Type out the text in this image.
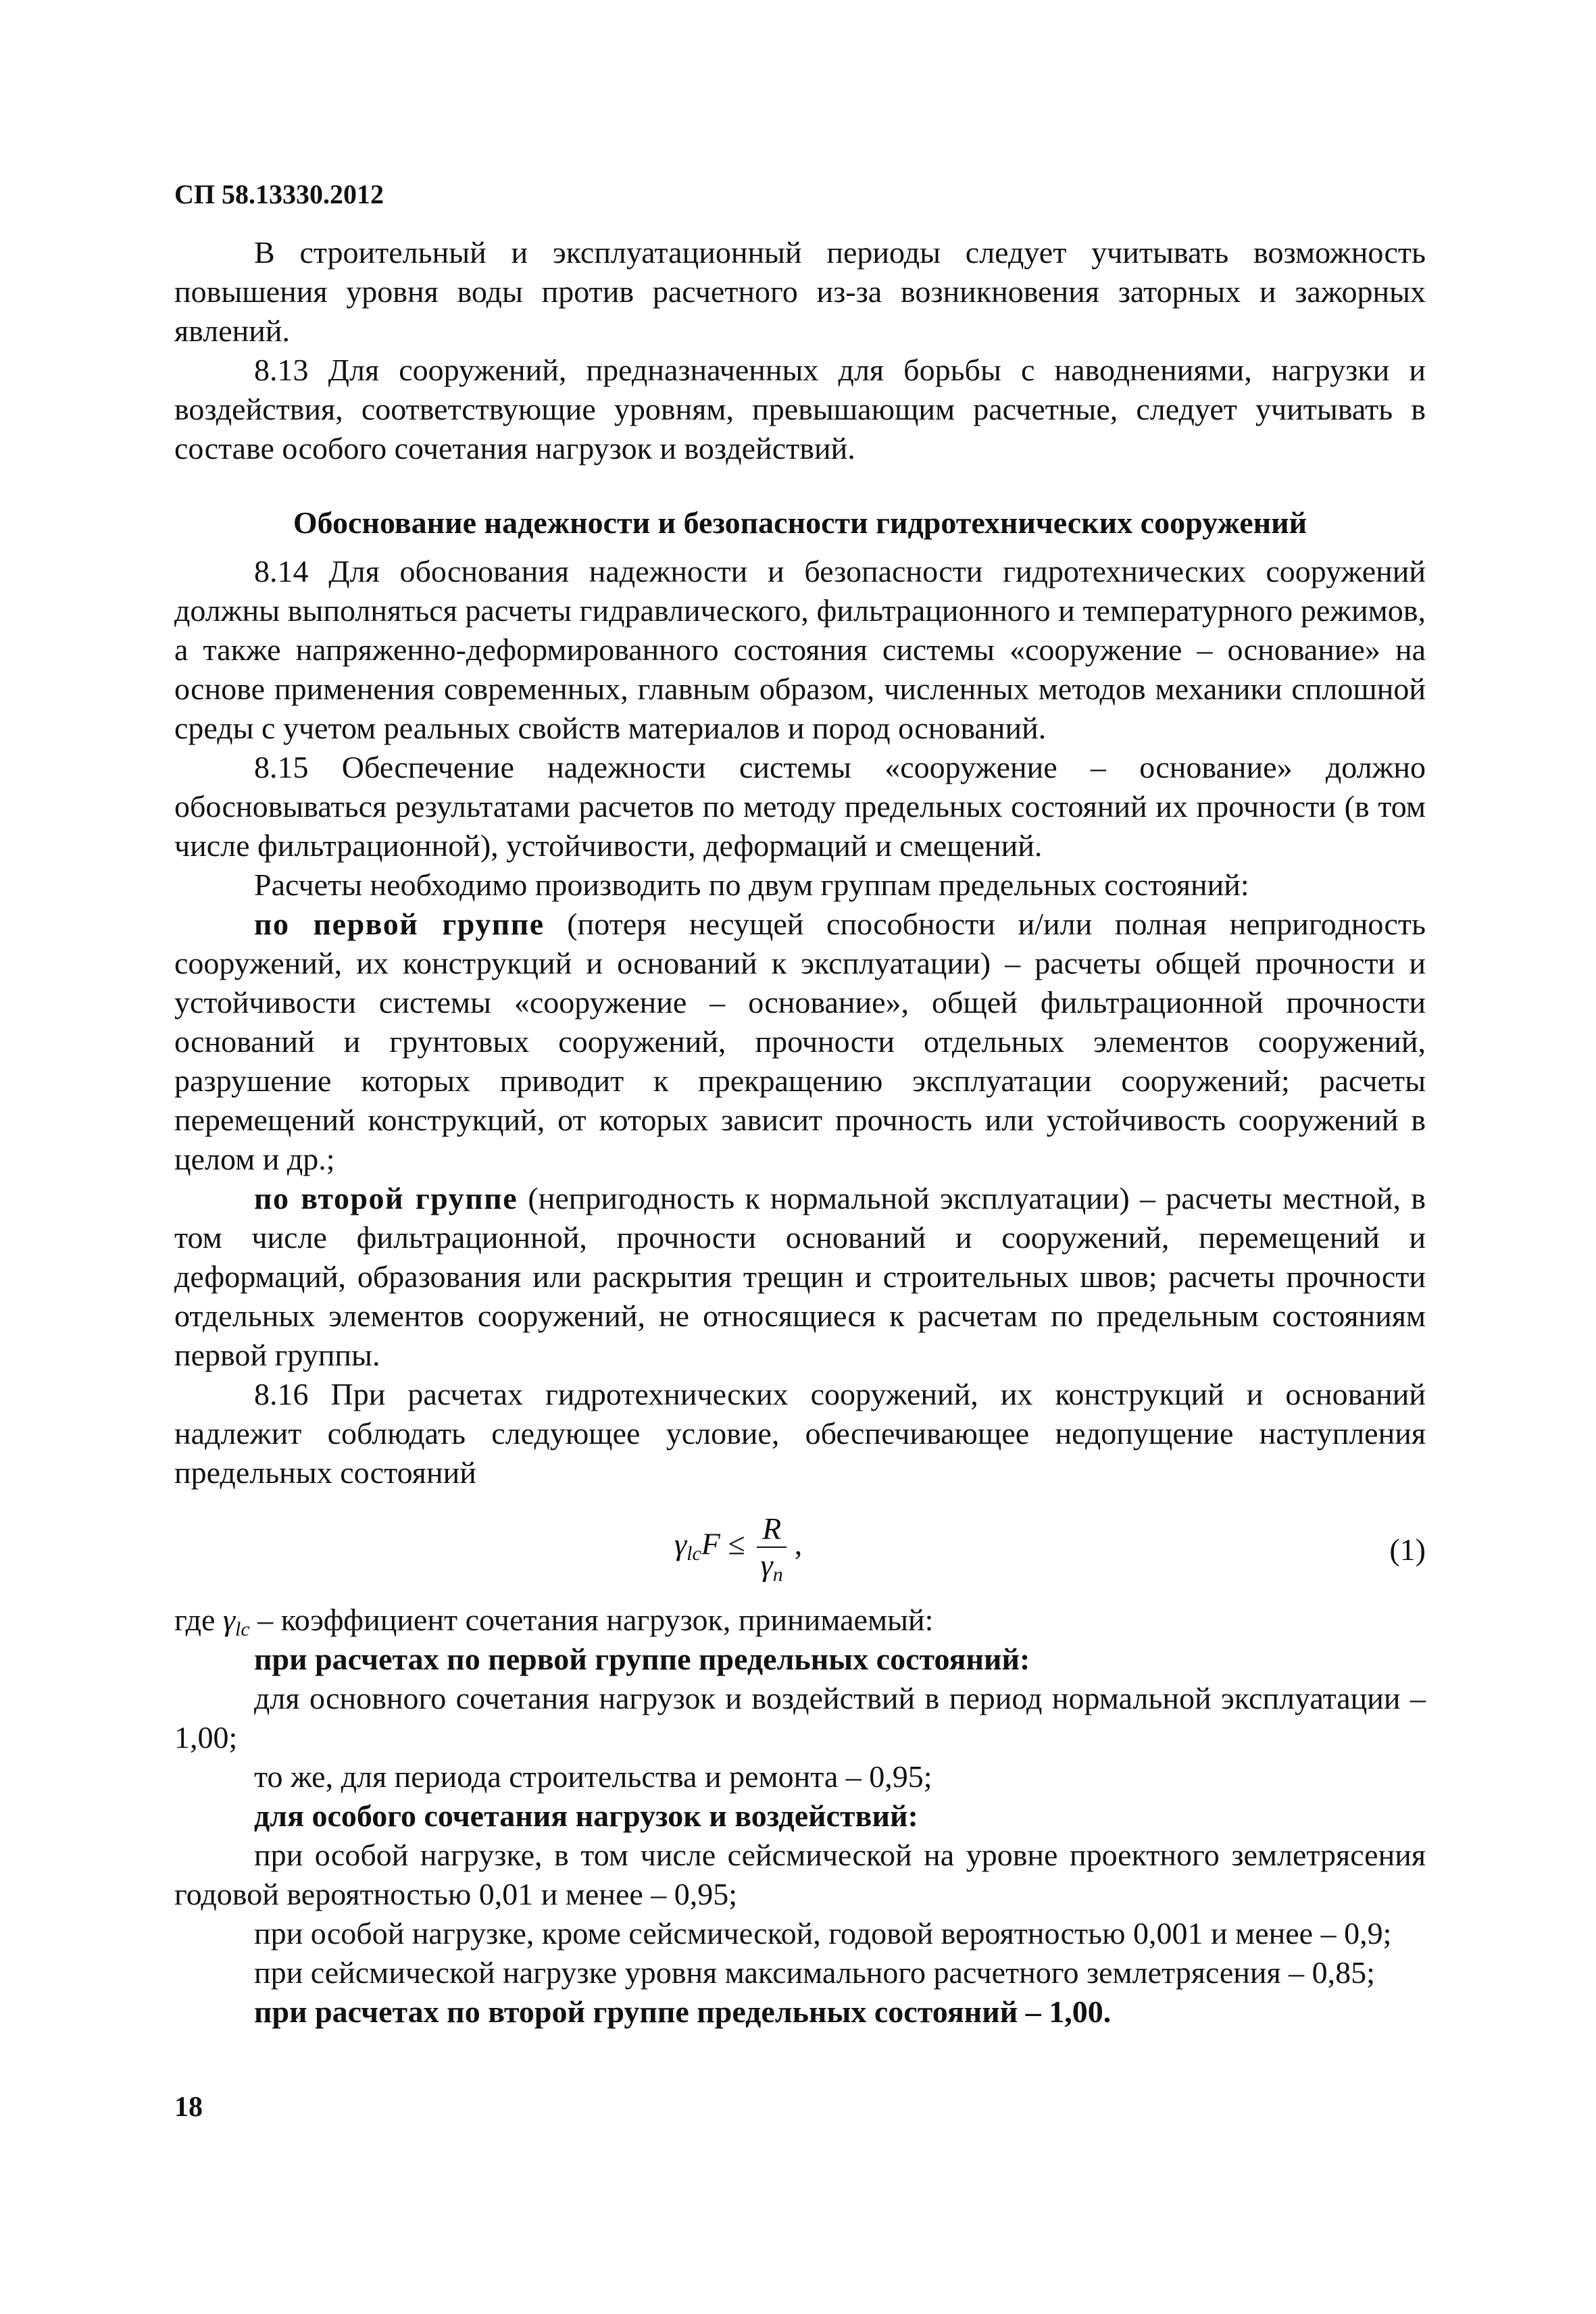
СП 58.13330.2012

В строительный и эксплуатационный периоды следует учитывать возможность повышения уровня воды против расчетного из-за возникновения заторных и зажорных явлений.

8.13 Для сооружений, предназначенных для борьбы с наводнениями, нагрузки и воздействия, соответствующие уровням, превышающим расчетные, следует учитывать в составе особого сочетания нагрузок и воздействий.

Обоснование надежности и безопасности гидротехнических сооружений

8.14 Для обоснования надежности и безопасности гидротехнических сооружений должны выполняться расчеты гидравлического, фильтрационного и температурного режимов, а также напряженно-деформированного состояния системы «сооружение – основание» на основе применения современных, главным образом, численных методов механики сплошной среды с учетом реальных свойств материалов и пород оснований.

8.15 Обеспечение надежности системы «сооружение – основание» должно обосновываться результатами расчетов по методу предельных состояний их прочности (в том числе фильтрационной), устойчивости, деформаций и смещений.

Расчеты необходимо производить по двум группам предельных состояний:

по первой группе (потеря несущей способности и/или полная непригодность сооружений, их конструкций и оснований к эксплуатации) – расчеты общей прочности и устойчивости системы «сооружение – основание», общей фильтрационной прочности оснований и грунтовых сооружений, прочности отдельных элементов сооружений, разрушение которых приводит к прекращению эксплуатации сооружений; расчеты перемещений конструкций, от которых зависит прочность или устойчивость сооружений в целом и др.;

по второй группе (непригодность к нормальной эксплуатации) – расчеты местной, в том числе фильтрационной, прочности оснований и сооружений, перемещений и деформаций, образования или раскрытия трещин и строительных швов; расчеты прочности отдельных элементов сооружений, не относящиеся к расчетам по предельным состояниям первой группы.

8.16 При расчетах гидротехнических сооружений, их конструкций и оснований надлежит соблюдать следующее условие, обеспечивающее недопущение наступления предельных состояний

$\gamma_{lc}F \le \frac{R}{\gamma_n}$ ,	(1)

где $\gamma_{lc}$ – коэффициент сочетания нагрузок, принимаемый:

при расчетах по первой группе предельных состояний:

для основного сочетания нагрузок и воздействий в период нормальной эксплуатации – 1,00;

то же, для периода строительства и ремонта – 0,95;

для особого сочетания нагрузок и воздействий:

при особой нагрузке, в том числе сейсмической на уровне проектного землетрясения годовой вероятностью 0,01 и менее – 0,95;

при особой нагрузке, кроме сейсмической, годовой вероятностью 0,001 и менее – 0,9;

при сейсмической нагрузке уровня максимального расчетного землетрясения – 0,85;

при расчетах по второй группе предельных состояний – 1,00.

18
